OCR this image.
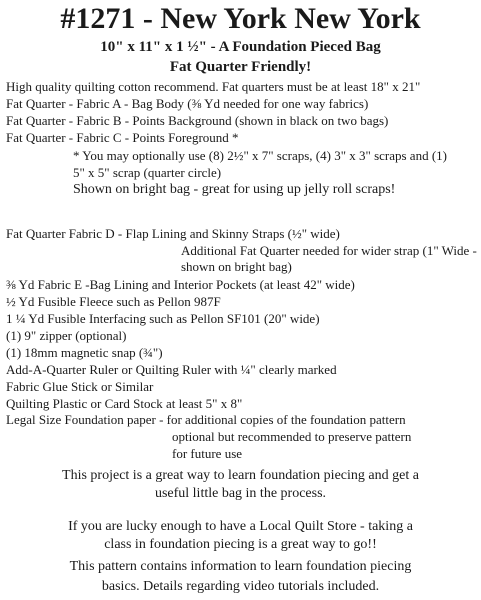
#1271 - New York New York
10" x 11" x 1 ½" - A Foundation Pieced Bag
Fat Quarter Friendly!
High quality quilting cotton recommend. Fat quarters must be at least 18" x 21"
Fat Quarter - Fabric A - Bag Body (⅜ Yd needed for one way fabrics)
Fat Quarter - Fabric B - Points Background (shown in black on two bags)
Fat Quarter - Fabric C - Points Foreground *
* You may optionally use (8) 2½" x 7" scraps, (4) 3" x 3" scraps and (1)
5" x 5" scrap (quarter circle)
Shown on bright bag - great for using up jelly roll scraps!
Fat Quarter Fabric D - Flap Lining and Skinny Straps (½" wide)
Additional Fat Quarter needed for wider strap (1" Wide -
shown on bright bag)
⅜ Yd Fabric E -Bag Lining and Interior Pockets (at least 42" wide)
½ Yd Fusible Fleece such as Pellon 987F
1 ¼ Yd Fusible Interfacing such as Pellon SF101 (20" wide)
(1) 9" zipper (optional)
(1) 18mm magnetic snap (¾")
Add-A-Quarter Ruler or Quilting Ruler with ¼" clearly marked
Fabric Glue Stick or Similar
Quilting Plastic or Card Stock at least 5" x 8"
Legal Size Foundation paper - for additional copies of the foundation pattern
optional but recommended to preserve pattern
for future use
This project is a great way to learn foundation piecing and get a
useful little bag in the process.
If you are lucky enough to have a Local Quilt Store - taking a
class in foundation piecing is a great way to go!!
This pattern contains information to learn foundation piecing
basics. Details regarding video tutorials included.
